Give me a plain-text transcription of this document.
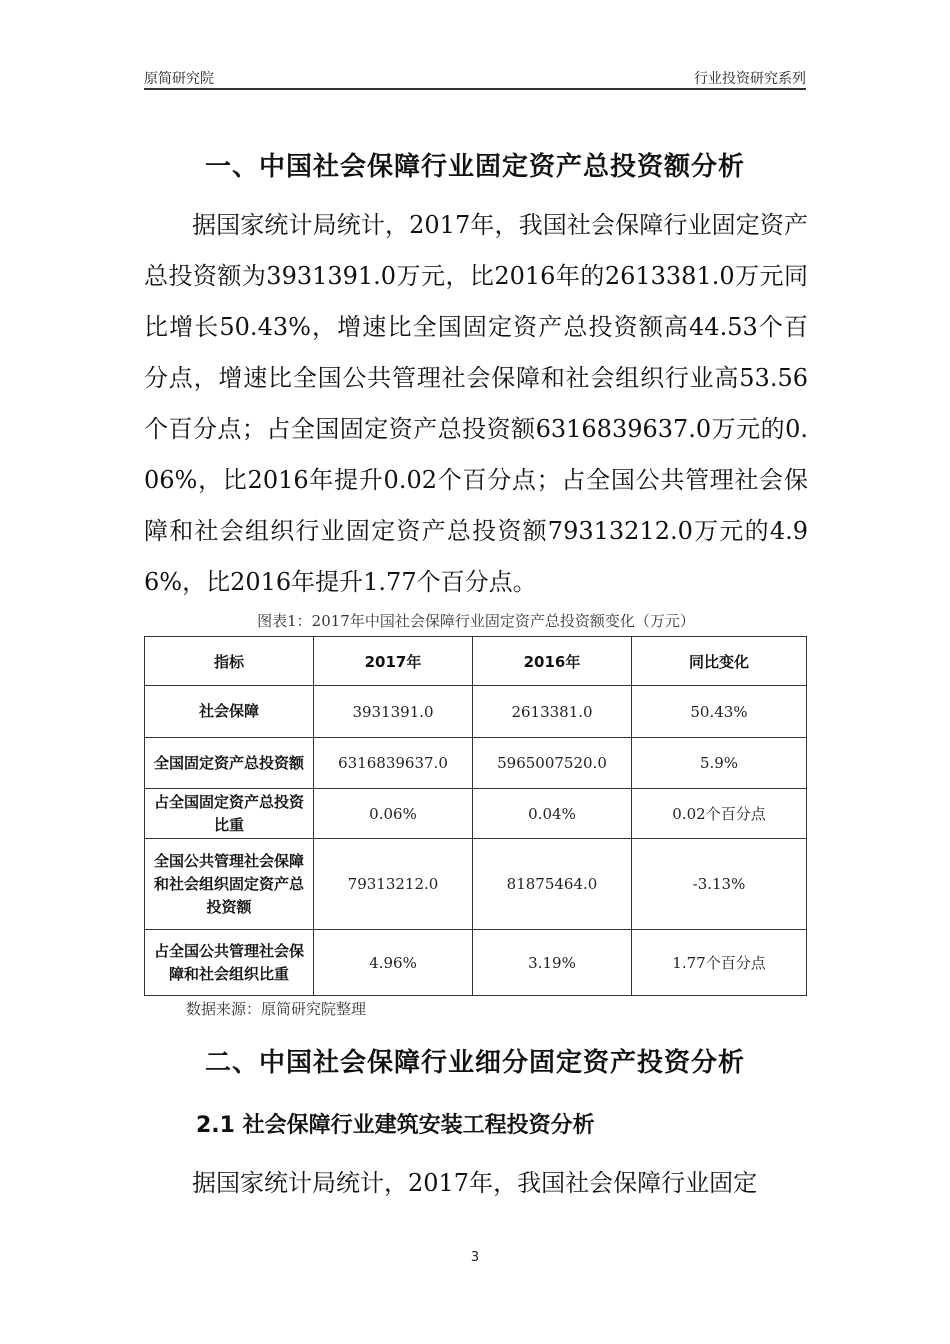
原简研究院	行业投资研究系列
一、中国社会保障行业固定资产总投资额分析
据国家统计局统计，2017年，我国社会保障行业固定资产总投资额为3931391.0万元，比2016年的2613381.0万元同比增长50.43%，增速比全国固定资产总投资额高44.53个百分点，增速比全国公共管理社会保障和社会组织行业高53.56个百分点；占全国固定资产总投资额6316839637.0万元的0.06%，比2016年提升0.02个百分点；占全国公共管理社会保障和社会组织行业固定资产总投资额79313212.0万元的4.96%，比2016年提升1.77个百分点。
图表1：2017年中国社会保障行业固定资产总投资额变化（万元）
指标	2017年	2016年	同比变化
社会保障	3931391.0	2613381.0	50.43%
全国固定资产总投资额	6316839637.0	5965007520.0	5.9%
占全国固定资产总投资比重	0.06%	0.04%	0.02个百分点
全国公共管理社会保障和社会组织固定资产总投资额	79313212.0	81875464.0	-3.13%
占全国公共管理社会保障和社会组织比重	4.96%	3.19%	1.77个百分点
数据来源：原简研究院整理
二、中国社会保障行业细分固定资产投资分析
2.1 社会保障行业建筑安装工程投资分析
据国家统计局统计，2017年，我国社会保障行业固定
3
